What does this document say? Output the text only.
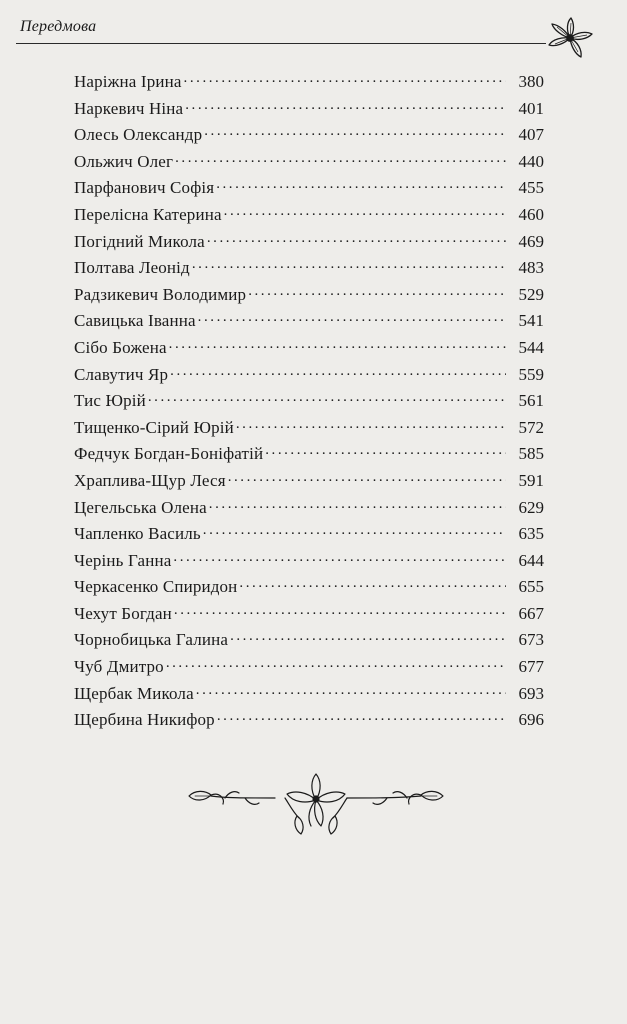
Передмова
Наріжна Ірина . . .	380
Наркевич Ніна . . .	401
Олесь Олександр . . .	407
Ольжич Олег . . .	440
Парфанович Софія . . .	455
Перелісна Катерина . . .	460
Погідний Микола . . .	469
Полтава Леонід . . .	483
Радзикевич Володимир . . .	529
Савицька Іванна . . .	541
Сібо Божена . . .	544
Славутич Яр . . .	559
Тис Юрій . . .	561
Тищенко-Сірий Юрій . . .	572
Федчук Богдан-Боніфатій . . .	585
Храплива-Щур Леся . . .	591
Цегельська Олена . . .	629
Чапленко Василь . . .	635
Черінь Ганна . . .	644
Черкасенко Спиридон . . .	655
Чехут Богдан . . .	667
Чорнобицька Галина . . .	673
Чуб Дмитро . . .	677
Щербак Микола . . .	693
Щербина Никифор . . .	696
